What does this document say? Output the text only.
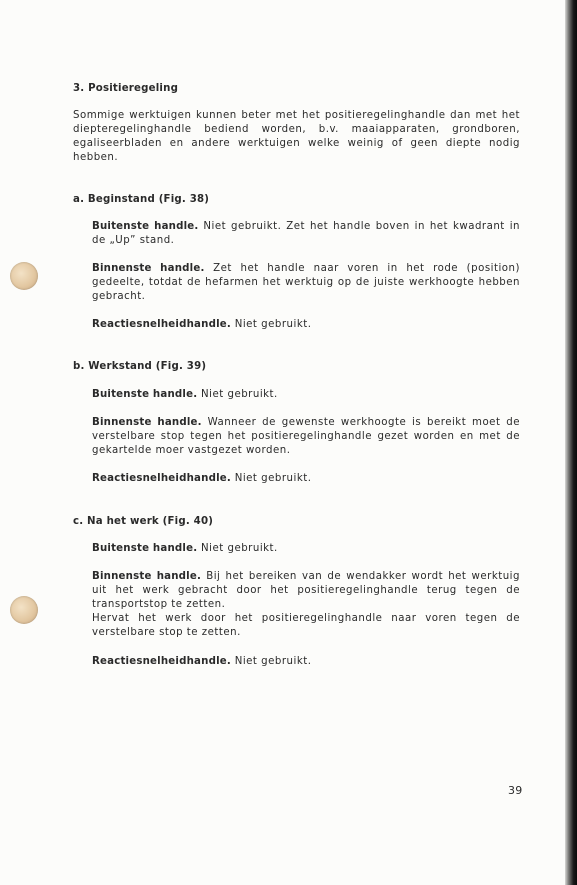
3. Positieregeling
Sommige werktuigen kunnen beter met het positieregelinghandle dan met het diepteregelinghandle bediend worden, b.v. maaiapparaten, grondboren, egaliseerbladen en andere werktuigen welke weinig of geen diepte nodig hebben.
a. Beginstand (Fig. 38)
Buitenste handle. Niet gebruikt. Zet het handle boven in het kwadrant in de „Up” stand.
Binnenste handle. Zet het handle naar voren in het rode (position) gedeelte, totdat de hefarmen het werktuig op de juiste werkhoogte hebben gebracht.
Reactiesnelheidhandle. Niet gebruikt.
b. Werkstand (Fig. 39)
Buitenste handle. Niet gebruikt.
Binnenste handle. Wanneer de gewenste werkhoogte is bereikt moet de verstelbare stop tegen het positieregelinghandle gezet worden en met de gekartelde moer vastgezet worden.
Reactiesnelheidhandle. Niet gebruikt.
c. Na het werk (Fig. 40)
Buitenste handle. Niet gebruikt.
Binnenste handle. Bij het bereiken van de wendakker wordt het werktuig uit het werk gebracht door het positieregelinghandle terug tegen de transportstop te zetten.
Hervat het werk door het positieregelinghandle naar voren tegen de verstelbare stop te zetten.
Reactiesnelheidhandle. Niet gebruikt.
39
